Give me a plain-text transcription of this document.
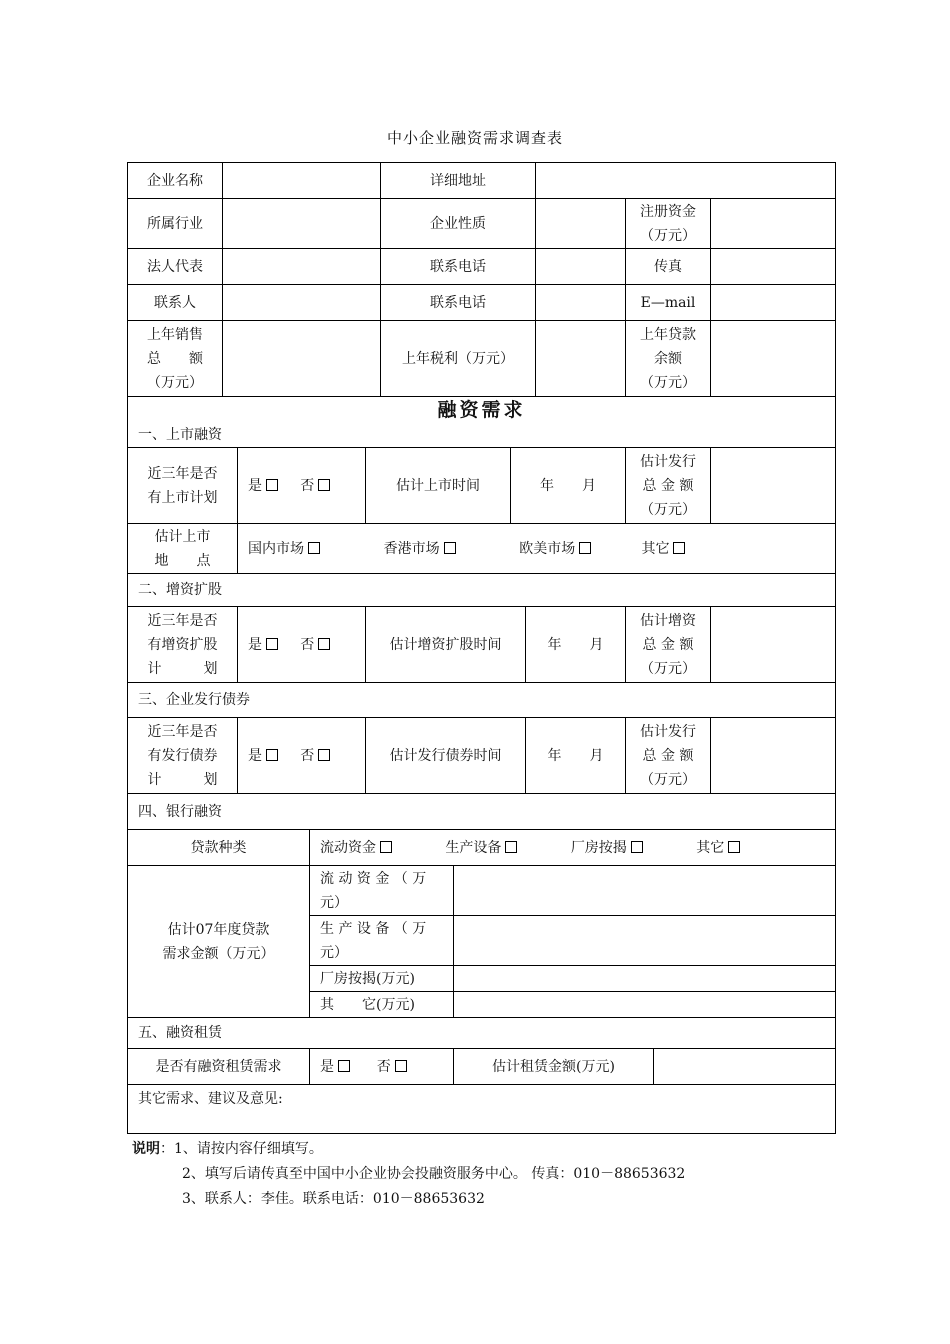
中小企业融资需求调查表
企业名称		详细地址			
所属行业		企业性质		注册资金
（万元）	
法人代表		联系电话		传真	
联系人		联系电话		E—mail	
上年销售
总　　额
（万元）		上年税利（万元）		上年贷款
余额
（万元）	
融资需求
一、上市融资					

近三年是否
有上市计划	是 否	估计上市时间	年　　月	估计发行
总 金 额
（万元）	
估计上市
地　　点	国内市场 香港市场 欧美市场 其它				
二、增资扩股
近三年是否
有增资扩股
计　　　划	是	否	估计增资扩股时间	年　　月	估计增资
总 金 额
（万元）	
三、企业发行债券
近三年是否
有发行债券
计　　　划	是	否	估计发行债券时间	年　　月	估计发行
总 金 额
（万元）	
四、银行融资		
贷款种类	流动资金 生产设备 厂房按揭 其它	
估计07年度贷款
需求金额（万元）	流 动 资 金 （ 万 元）	
	生 产 设 备 （ 万 元）	
	厂房按揭(万元)	
	其　　它(万元)	
五、融资租赁
是否有融资租赁需求	是	否	估计租赁金额(万元)	
其它需求、建议及意见:
说明：1、请按内容仔细填写。
2、填写后请传真至中国中小企业协会投融资服务中心。 传真：010－88653632
3、联系人：李佳。联系电话：010－88653632
